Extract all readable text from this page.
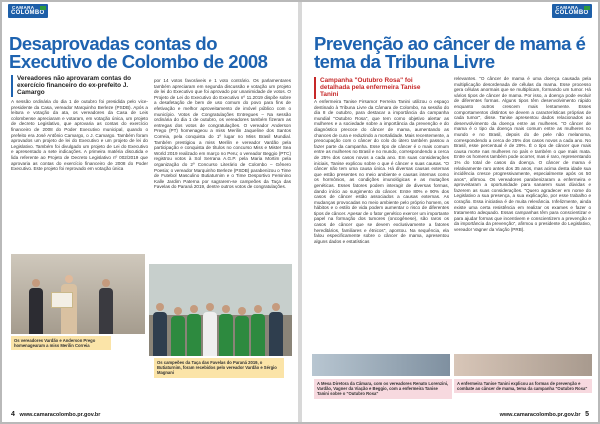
CAMARA
COLOMBO
Desaprovadas contas do Executivo de Colombo de 2008
Vereadores não aprovaram contas do exercício financeiro do ex-prefeito J. Camargo
A sessão ordinária do dia 1 de outubro foi presidida pelo vice-presidente da Casa, vereador Marquinho Berleze (PSDB). Após a leitura e votação da ata, os vereadores da Casa de Leis colombense apreciaram e votaram, em votação única, um projeto de decreto Legislativo, que aprovaria as contas do exercício financeiro de 2008 do Poder Executivo municipal, quando o prefeito era José Antônio Camargo, o J. Camargo. Também foram aprovados um projeto de lei do Executivo e um projeto de lei do Legislativo. Também foi divulgado um projeto de Lei do Executivo e apresentado a sete indicações. A primeira matéria discutida e lida referente ao Projeto de Decreto Legislativo nº 002/2019 que aprovaria as contas do exercício financeiro de 2008 do Poder Executivo. Este projeto foi reprovado em votação única
por 14 votos favoráveis e 1 voto contrário. Os parlamentares também apreciaram em segunda discussão e votação um projeto de lei do Executivo que foi aprovado por unanimidade de votos. O Projeto de Lei do Executivo do Executivo nº 11.2019 dispõe sobre a desafetação de bem de uso comum do povo para fins de efetivação e melhor aproveitamento de imóvel público com o município. Votos de Congratulações Entregues – Na sessão ordinária do dia 1 de outubro, os vereadores também fizeram as entregas dos votos de congratulações. O vereador Anderson Prego (PT) homenageou a miss Merilin Jaqueline dos Santos Correia, pela conquista do 1º lugar no Miss Brasil Mundial. Também prestigiou a miss Merilin e vereador Vardão pela participação e conquista de títulos no concurso Miss e Mister Sea World 2019 realizado em março no Peru; o vereador Beggio (PTC) registrou votos à Sol Serrana A.G.P. pela Maria Mortim pela organização do 2º Concurso Literário de Colombo – Gênero Poesia; o vereador Marquinho Berleze (PSDB) parabenizou o Time de Futebol Masculino Butiaturnim e o Time Desportivo Feminino Kalle Jardim Paterna por sagrarem-se campeões da Taça das Favelas do Paraná 2019, dentre outros votos de congratulações.
Os vereadores Vardão e Anderson Prego homenagearam a miss Merilin Correia
Os campeões da Taça das Favelas do Paraná 2019, o Butiaturnim, foram recebidos pelo vereador Vardão e Sérgio Magnani
4 www.camaracolombo.pr.gov.br
CAMARA
COLOMBO
Prevenção ao câncer de mama é tema da Tribuna Livre
Campanha "Outubro Rosa" foi detalhada pela enfermeira Tanise Tanini
A enfermeira Tanise Firsamor Ferreira Tanini utilizou o espaço destinado à Tribuna Livre da Câmara de Colombo, na sessão do dia 8 de outubro, para destacar a importância da campanha mundial "Outubro Rosa", que tem como objetivo alertar as mulheres e a sociedade sobre a importância da prevenção e do diagnóstico precoce do câncer de mama, aumentando as chances de cura e reduzindo a mortalidade. Mais recentemente, a preocupação com o câncer do colo do útero também passou a fazer parte da campanha. Esse tipo de câncer é o mais comum entre as mulheres no Brasil e no mundo, correspondendo a cerca de 25% dos casos novos a cada ano. Em suas considerações iniciais, Tanise explicou sobre o que é câncer e suas causas. "O câncer não tem uma causa única. Há diversas causas externas que estão presentes no meio ambiente e causas internas como os hormônios, as condições imunológicas e as mutações genéticas. Esses fatores podem interagir de diversas formas, dando início ao surgimento do câncer. Entre 80% e 90% dos casos de câncer estão associados a causas externas. As mudanças provocadas no meio ambiente pelo próprio homem, os hábitos e o estilo de vida podem aumentar o risco de diferentes tipos de câncer. Apesar de o fator genético exercer um importante papel na formação dos tumores (oncogênese), são raros os casos de câncer que se devem exclusivamente a fatores hereditários, familiares e étnicos", apontou. Na sequência, ela falou especificamente sobre o câncer de mama, apresentou alguns dados e estatísticas
relevantes. "O câncer de mama é uma doença causada pela multiplicação desordenada de células da mama. Esse processo gera células anormais que se multiplicam, formando um tumor. Há vários tipos de câncer de mama. Por isso, a doença pode evoluir de diferentes formas. Alguns tipos têm desenvolvimento rápido enquanto outros crescem mais lentamente. Esses comportamentos distintos se devem a características próprias de cada tumor", disse. Tanise apresentou dados relacionados ao desenvolvimento da doença entre as mulheres. "O câncer de mama é o tipo da doença mais comum entre as mulheres no mundo e no Brasil, depois do de pele não melanoma, correspondendo a cerca de 25% dos casos novos a cada ano. No Brasil, esse percentual é de 29%. É o tipo de câncer que mais causa morte nas mulheres no país e também o que mais mata. Entre os homens também pode ocorrer, mas é raro, representando 1% do total de casos da doença. O câncer de mama é relativamente raro antes dos 35 anos, mas acima desta idade sua incidência cresce progressivamente, especialmente após os 50 anos", afirmou. Os vereadores parabenizaram a enfermeira e aproveitaram a oportunidade para sanarem suas dúvidas e fazerem as suas considerações. "Quero agradecer em nome do Legislativo a sua presença, a sua explicação, por esse trabalho e coração. Essa iniciativa é de muita relevância. Infelizmente, ainda existe uma certa resistência em realizar os exames e fazer o tratamento adequado. Essas campanhas têm para conscientizar e para ajudar formas que incentivem e conscientizem a prevenção e da importância da prevenção", afirmou o presidente do Legislativo, vereador Vagner da Viação (PRB).
A Mesa Diretora da Câmara, com os vereadores Renato Lorenzini, Vardão, Vagner da Viação e Beggio, com a enfermeira Tanise Tanini sobre o "Outubro Rosa"
A enfermeira Tanise Tanini explicou as formas de prevenção e combate ao câncer de mama, tema da campanha "Outubro Rosa"
www.camaracolombo.pr.gov.br 5
